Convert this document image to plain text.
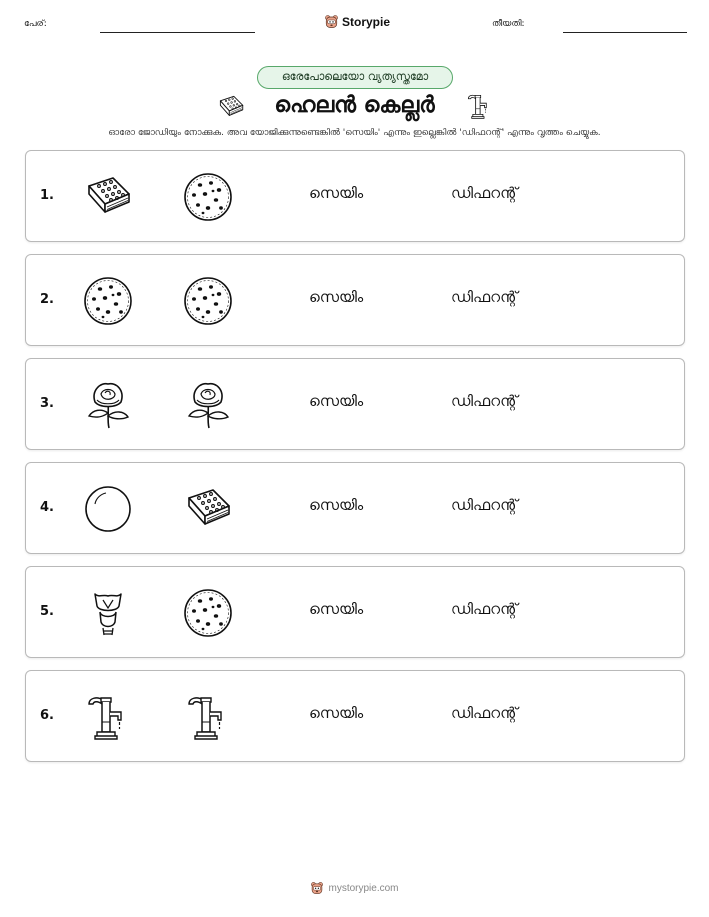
പേര്:	Storypie	തീയതി:
ഒരേപോലെയോ വ്യത്യസ്തമോ
ഹെലൻ കെല്ലർ
ഓരോ ജോഡിയും നോക്കുക. അവ യോജിക്കുന്നുണ്ടെങ്കിൽ 'സെയിം' എന്നും ഇല്ലെങ്കിൽ 'ഡിഫറന്റ്' എന്നും വൃത്തം ചെയ്യുക.
1.	സെയിം	ഡിഫറന്റ്
2.	സെയിം	ഡിഫറന്റ്
3.	സെയിം	ഡിഫറന്റ്
4.	സെയിം	ഡിഫറന്റ്
5.	സെയിം	ഡിഫറന്റ്
6.	സെയിം	ഡിഫറന്റ്
mystorypie.com
